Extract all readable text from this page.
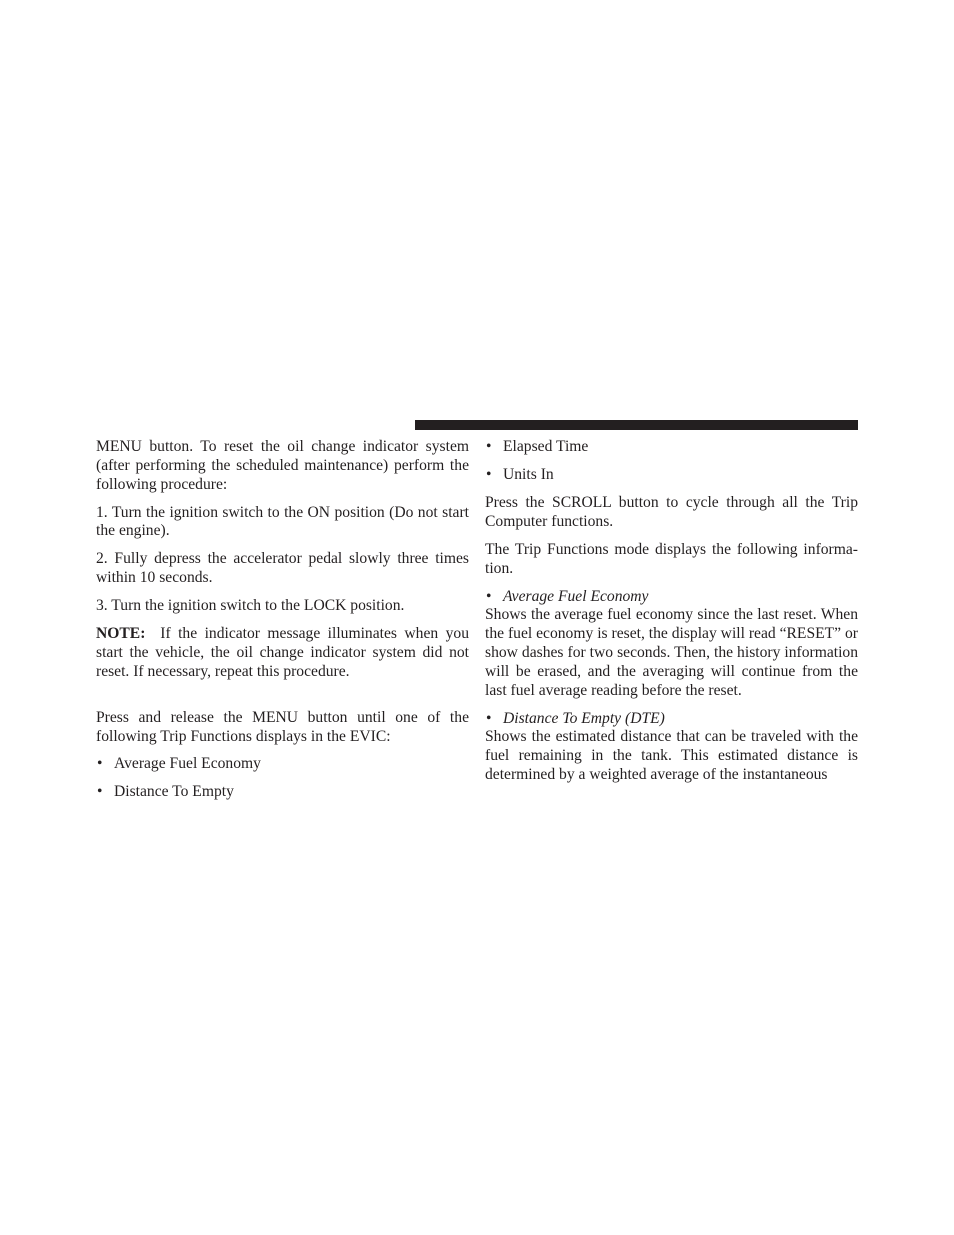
MENU button. To reset the oil change indicator system (after performing the scheduled maintenance) perform the following procedure:

1. Turn the ignition switch to the ON position (Do not start the engine).

2. Fully depress the accelerator pedal slowly three times within 10 seconds.

3. Turn the ignition switch to the LOCK position.

NOTE: If the indicator message illuminates when you start the vehicle, the oil change indicator system did not reset. If necessary, repeat this procedure.

Press and release the MENU button until one of the following Trip Functions displays in the EVIC:

• Average Fuel Economy
• Distance To Empty
• Elapsed Time
• Units In

Press the SCROLL button to cycle through all the Trip Computer functions.

The Trip Functions mode displays the following informa-tion.

• Average Fuel Economy

Shows the average fuel economy since the last reset. When the fuel economy is reset, the display will read “RESET” or show dashes for two seconds. Then, the history information will be erased, and the averaging will continue from the last fuel average reading before the reset.

• Distance To Empty (DTE)

Shows the estimated distance that can be traveled with the fuel remaining in the tank. This estimated distance is determined by a weighted average of the instantaneous
